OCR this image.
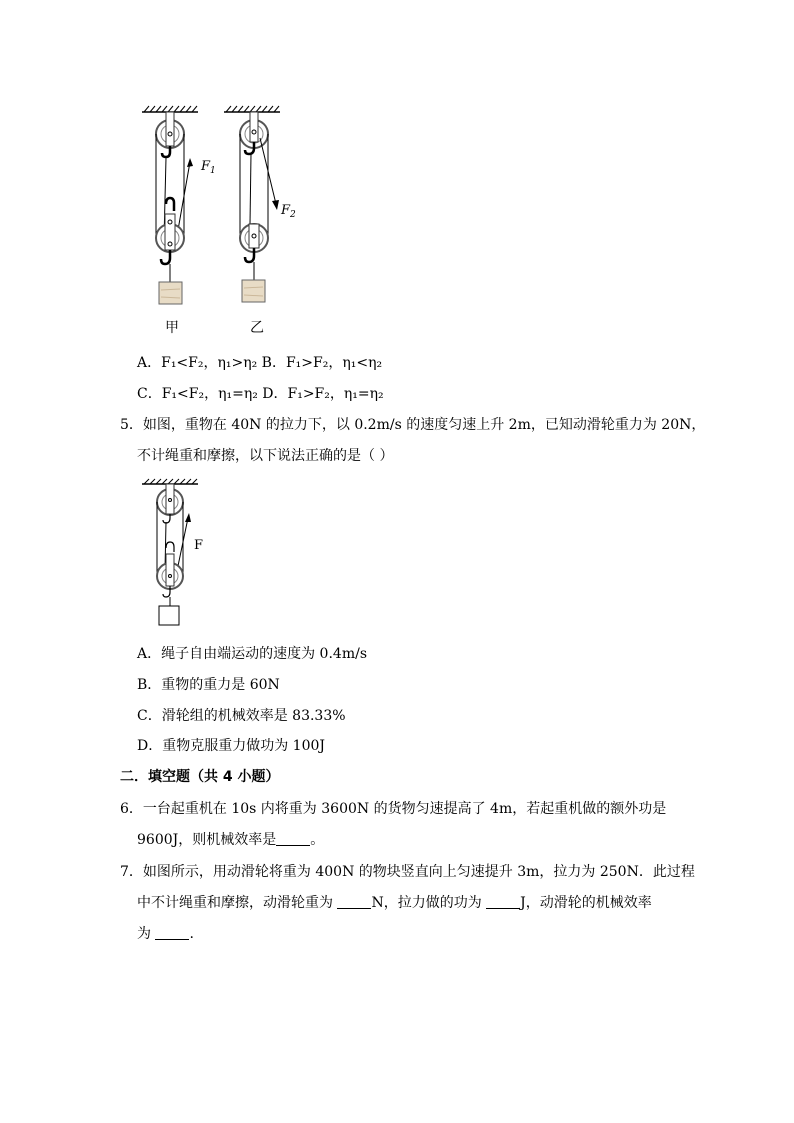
$F_1$
$F_2$
甲	乙
A．F₁<F₂，η₁>η₂ B．F₁>F₂，η₁<η₂
C．F₁<F₂，η₁=η₂ D．F₁>F₂，η₁=η₂
5．如图，重物在 40N 的拉力下，以 0.2m/s 的速度匀速上升 2m，已知动滑轮重力为 20N，
不计绳重和摩擦，以下说法正确的是（ ）
F
A．绳子自由端运动的速度为 0.4m/s
B．重物的重力是 60N
C．滑轮组的机械效率是 83.33%
D．重物克服重力做功为 100J
二．填空题（共 4 小题）
6．一台起重机在 10s 内将重为 3600N 的货物匀速提高了 4m，若起重机做的额外功是
9600J，则机械效率是 。
7．如图所示，用动滑轮将重为 400N 的物块竖直向上匀速提升 3m，拉力为 250N．此过程
中不计绳重和摩擦，动滑轮重为 N，拉力做的功为 J，动滑轮的机械效率
为 .
